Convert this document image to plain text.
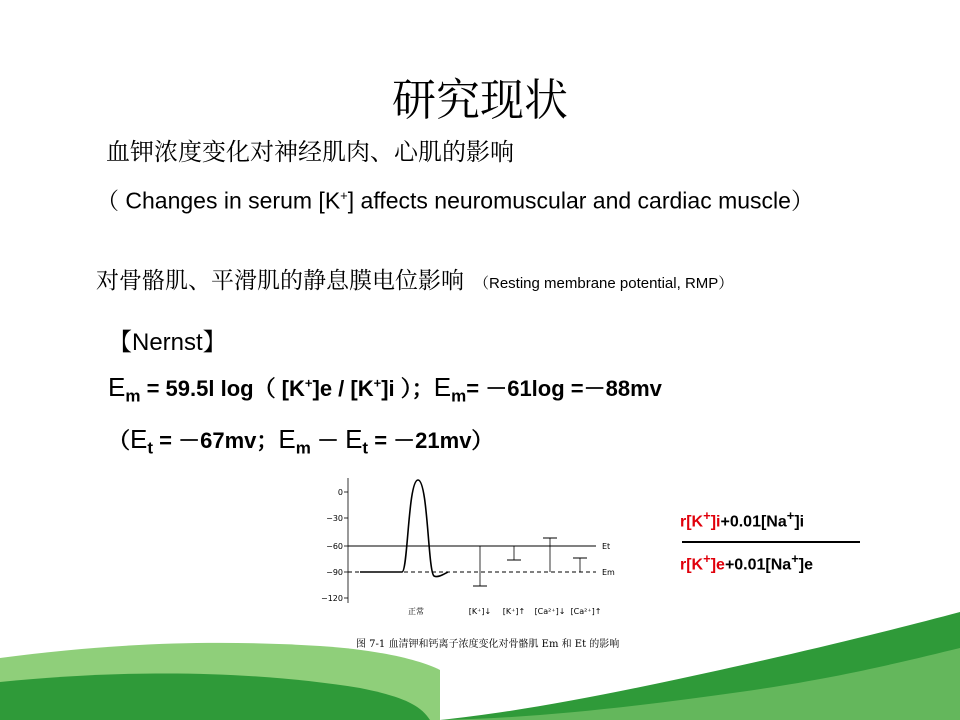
研究现状
血钾浓度变化对神经肌肉、心肌的影响
（ Changes in serum [K+] affects neuromuscular and cardiac muscle）
对骨骼肌、平滑肌的静息膜电位影响 （Resting membrane potential, RMP）
【Nernst】
$E_m = 59.5l$ log（ [K+]e / [K+]i ）；$E_m= -61\log =-88mv$
（$E_t = -67mv$；$E_m - E_t = -21mv$）
r[K+]i+0.01[Na+]i
r[K+]e+0.01[Na+]e
0
−30
−60
−90
−120
Et
Em
正常	[K⁺]↓ [K⁺]↑ [Ca²⁺]↓ [Ca²⁺]↑
图 7-1 血清钾和钙离子浓度变化对骨骼肌 Em 和 Et 的影响
